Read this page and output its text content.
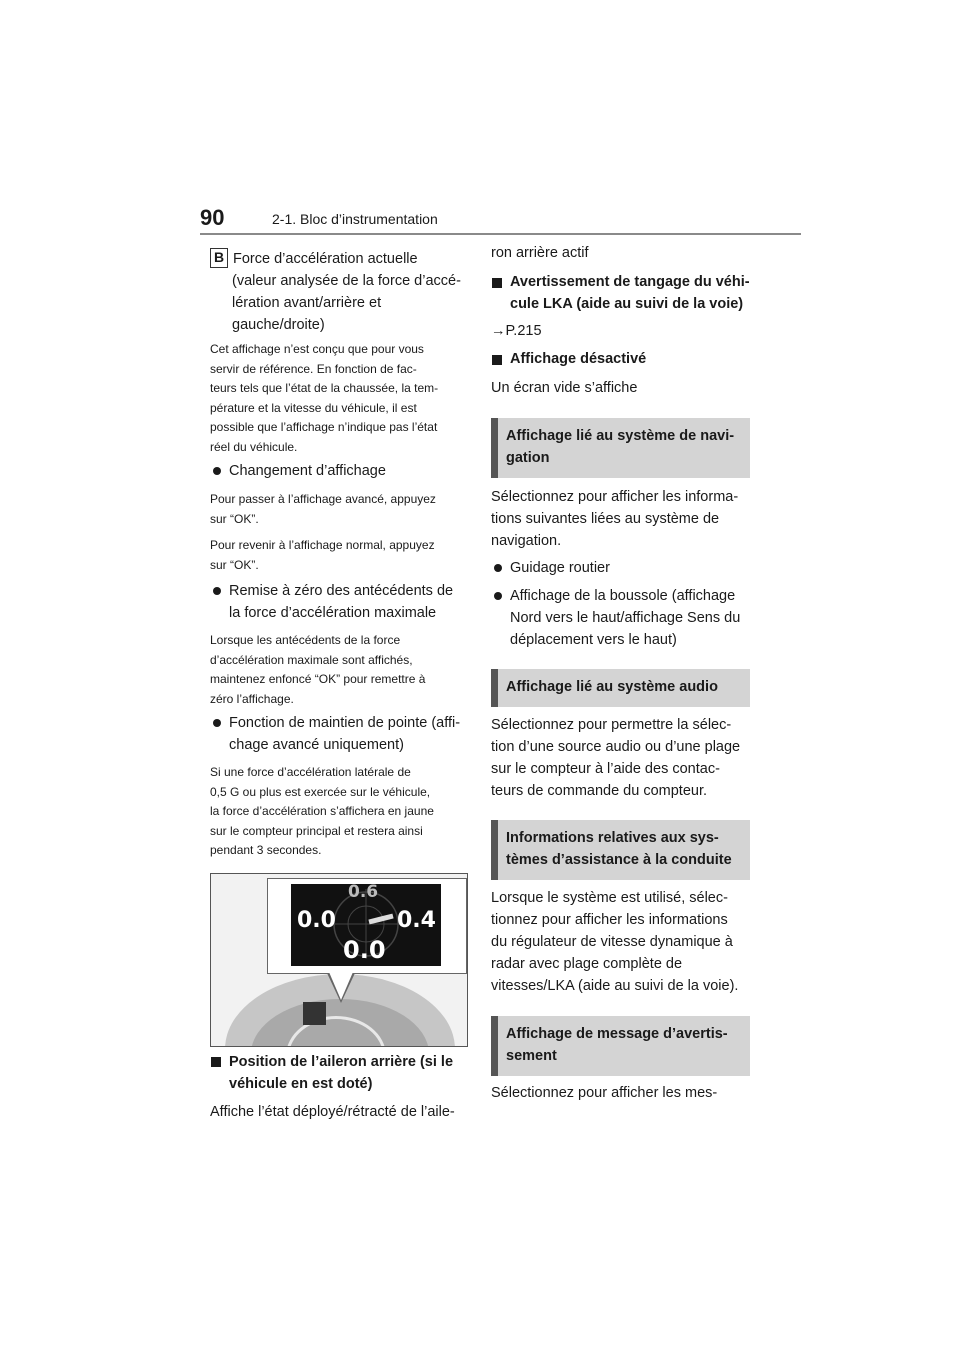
90	2-1. Bloc d’instrumentation
B Force d’accélération actuelle
(valeur analysée de la force d’accé-
lération avant/arrière et
gauche/droite)
Cet affichage n’est conçu que pour vous
servir de référence. En fonction de fac-
teurs tels que l’état de la chaussée, la tem-
pérature et la vitesse du véhicule, il est
possible que l’affichage n’indique pas l’état
réel du véhicule.
Changement d’affichage
Pour passer à l’affichage avancé, appuyez
sur “OK”.
Pour revenir à l’affichage normal, appuyez
sur “OK”.
Remise à zéro des antécédents de
la force d’accélération maximale
Lorsque les antécédents de la force
d’accélération maximale sont affichés,
maintenez enfoncé “OK” pour remettre à
zéro l’affichage.
Fonction de maintien de pointe (affi-
chage avancé uniquement)
Si une force d’accélération latérale de
0,5 G ou plus est exercée sur le véhicule,
la force d’accélération s’affichera en jaune
sur le compteur principal et restera ainsi
pendant 3 secondes.
0.6
0.0	0.4
0.0
Position de l’aileron arrière (si le
véhicule en est doté)
Affiche l’état déployé/rétracté de l’aile-
ron arrière actif
Avertissement de tangage du véhi-
cule LKA (aide au suivi de la voie)
→P.215
Affichage désactivé
Un écran vide s’affiche
Affichage lié au système de navi-
gation
Sélectionnez pour afficher les informa-
tions suivantes liées au système de
navigation.
Guidage routier
Affichage de la boussole (affichage
Nord vers le haut/affichage Sens du
déplacement vers le haut)
Affichage lié au système audio
Sélectionnez pour permettre la sélec-
tion d’une source audio ou d’une plage
sur le compteur à l’aide des contac-
teurs de commande du compteur.
Informations relatives aux sys-
tèmes d’assistance à la conduite
Lorsque le système est utilisé, sélec-
tionnez pour afficher les informations
du régulateur de vitesse dynamique à
radar avec plage complète de
vitesses/LKA (aide au suivi de la voie).
Affichage de message d’avertis-
sement
Sélectionnez pour afficher les mes-
